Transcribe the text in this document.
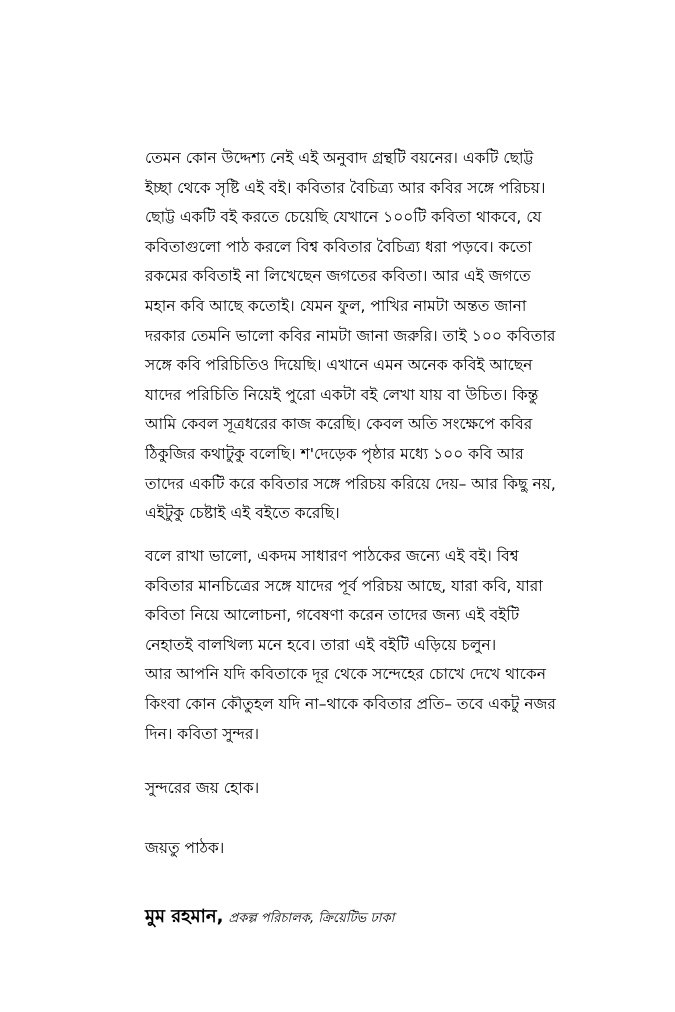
তেমন কোন উদ্দেশ্য নেই এই অনুবাদ গ্রন্থটি বয়নের। একটি ছোট্ট
ইচ্ছা থেকে সৃষ্টি এই বই। কবিতার বৈচিত্র্য আর কবির সঙ্গে পরিচয়।
ছোট্ট একটি বই করতে চেয়েছি যেখানে ১০০টি কবিতা থাকবে, যে
কবিতাগুলো পাঠ করলে বিশ্ব কবিতার বৈচিত্র্য ধরা পড়বে। কতো
রকমের কবিতাই না লিখেছেন জগতের কবিতা। আর এই জগতে
মহান কবি আছে কতোই। যেমন ফুল, পাখির নামটা অন্তত জানা
দরকার তেমনি ভালো কবির নামটা জানা জরুরি। তাই ১০০ কবিতার
সঙ্গে কবি পরিচিতিও দিয়েছি। এখানে এমন অনেক কবিই আছেন
যাদের পরিচিতি নিয়েই পুরো একটা বই লেখা যায় বা উচিত। কিন্তু
আমি কেবল সূত্রধরের কাজ করেছি। কেবল অতি সংক্ষেপে কবির
ঠিকুজির কথাটুকু বলেছি। শ'দেড়েক পৃষ্ঠার মধ্যে ১০০ কবি আর
তাদের একটি করে কবিতার সঙ্গে পরিচয় করিয়ে দেয়– আর কিছু নয়,
এইটুকু চেষ্টাই এই বইতে করেছি।
বলে রাখা ভালো, একদম সাধারণ পাঠকের জন্যে এই বই। বিশ্ব
কবিতার মানচিত্রের সঙ্গে যাদের পূর্ব পরিচয় আছে, যারা কবি, যারা
কবিতা নিয়ে আলোচনা, গবেষণা করেন তাদের জন্য এই বইটি
নেহাতই বালখিল্য মনে হবে। তারা এই বইটি এড়িয়ে চলুন।
আর আপনি যদি কবিতাকে দূর থেকে সন্দেহের চোখে দেখে থাকেন
কিংবা কোন কৌতুহল যদি না–থাকে কবিতার প্রতি– তবে একটু নজর
দিন। কবিতা সুন্দর।
সুন্দরের জয় হোক।
জয়তু পাঠক।
মুম রহমান, প্রকল্প পরিচালক, ক্রিয়েটিভ ঢাকা
